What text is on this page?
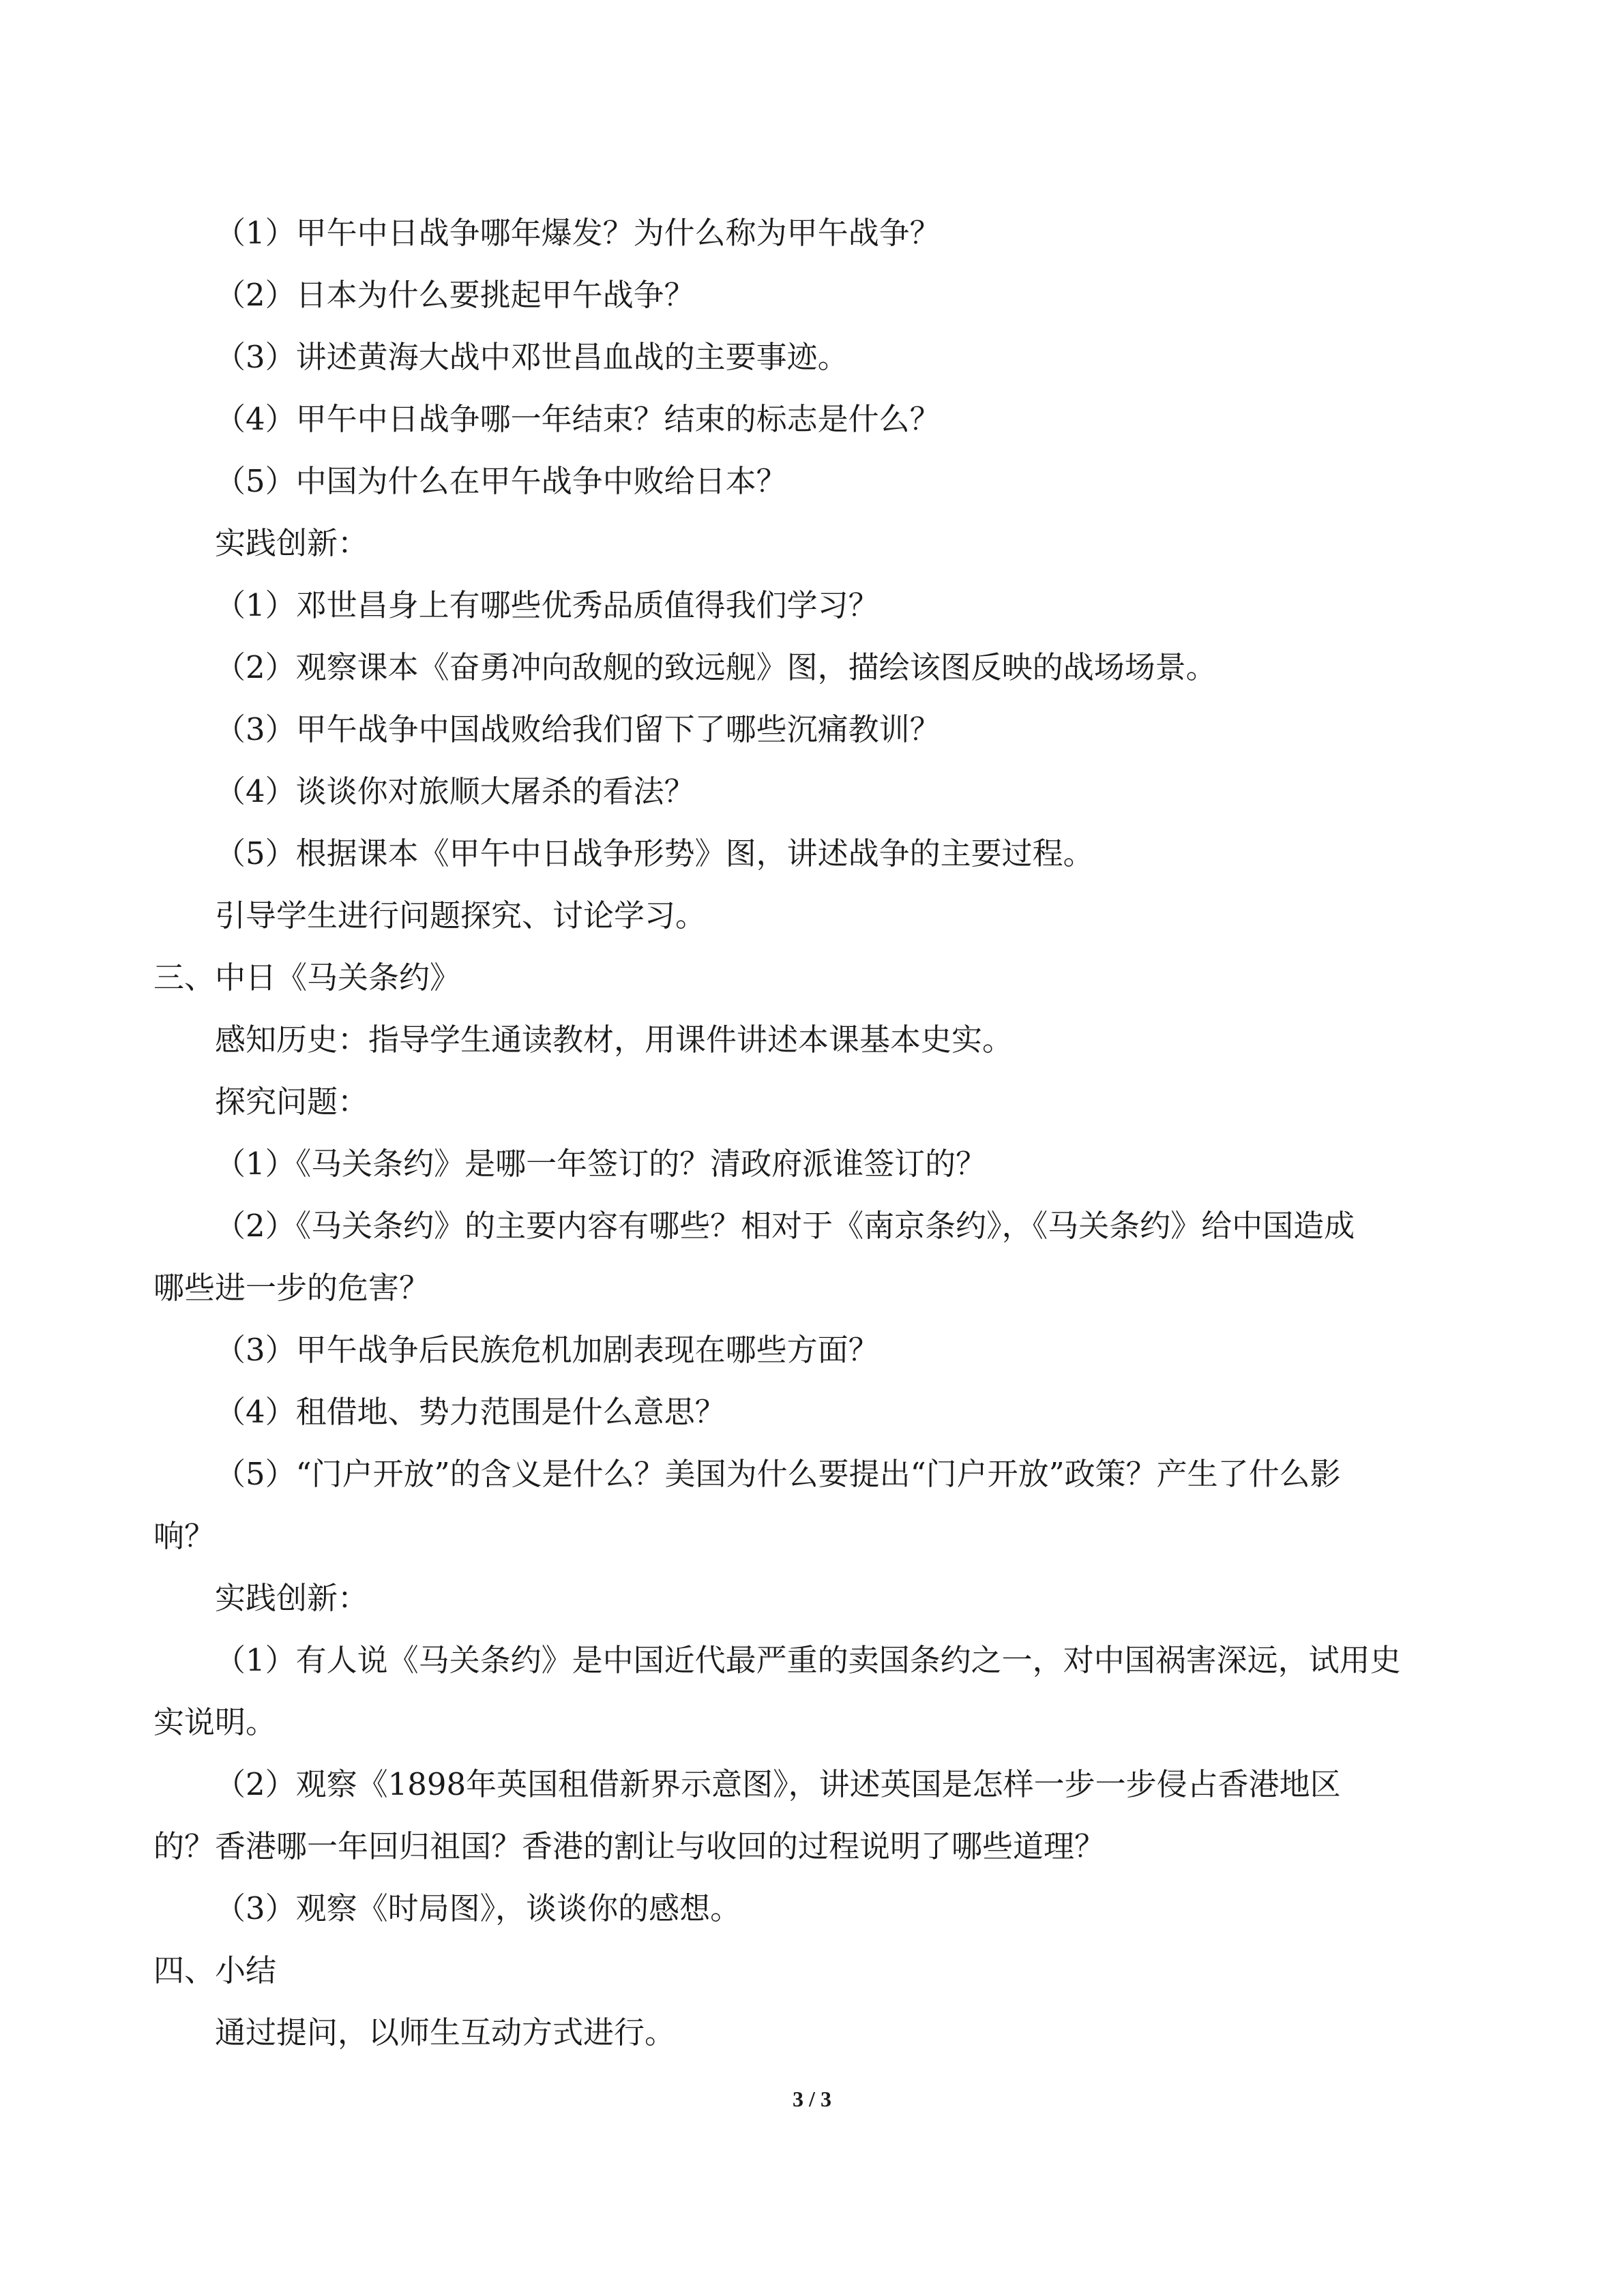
（1）甲午中日战争哪年爆发？为什么称为甲午战争？

（2）日本为什么要挑起甲午战争？

（3）讲述黄海大战中邓世昌血战的主要事迹。

（4）甲午中日战争哪一年结束？结束的标志是什么？

（5）中国为什么在甲午战争中败给日本？

实践创新：

（1）邓世昌身上有哪些优秀品质值得我们学习？

（2）观察课本《奋勇冲向敌舰的致远舰》图，描绘该图反映的战场场景。

（3）甲午战争中国战败给我们留下了哪些沉痛教训？

（4）谈谈你对旅顺大屠杀的看法？

（5）根据课本《甲午中日战争形势》图，讲述战争的主要过程。

引导学生进行问题探究、讨论学习。

三、中日《马关条约》

感知历史：指导学生通读教材，用课件讲述本课基本史实。

探究问题：

（1）《马关条约》是哪一年签订的？清政府派谁签订的？

（2）《马关条约》的主要内容有哪些？相对于《南京条约》，《马关条约》给中国造成

哪些进一步的危害？

（3）甲午战争后民族危机加剧表现在哪些方面？

（4）租借地、势力范围是什么意思？

（5）“门户开放”的含义是什么？美国为什么要提出“门户开放”政策？产生了什么影

响？

实践创新：

（1）有人说《马关条约》是中国近代最严重的卖国条约之一，对中国祸害深远，试用史

实说明。

（2）观察《1898年英国租借新界示意图》，讲述英国是怎样一步一步侵占香港地区

的？香港哪一年回归祖国？香港的割让与收回的过程说明了哪些道理？

（3）观察《时局图》，谈谈你的感想。

四、小结

通过提问，以师生互动方式进行。

3 / 3
